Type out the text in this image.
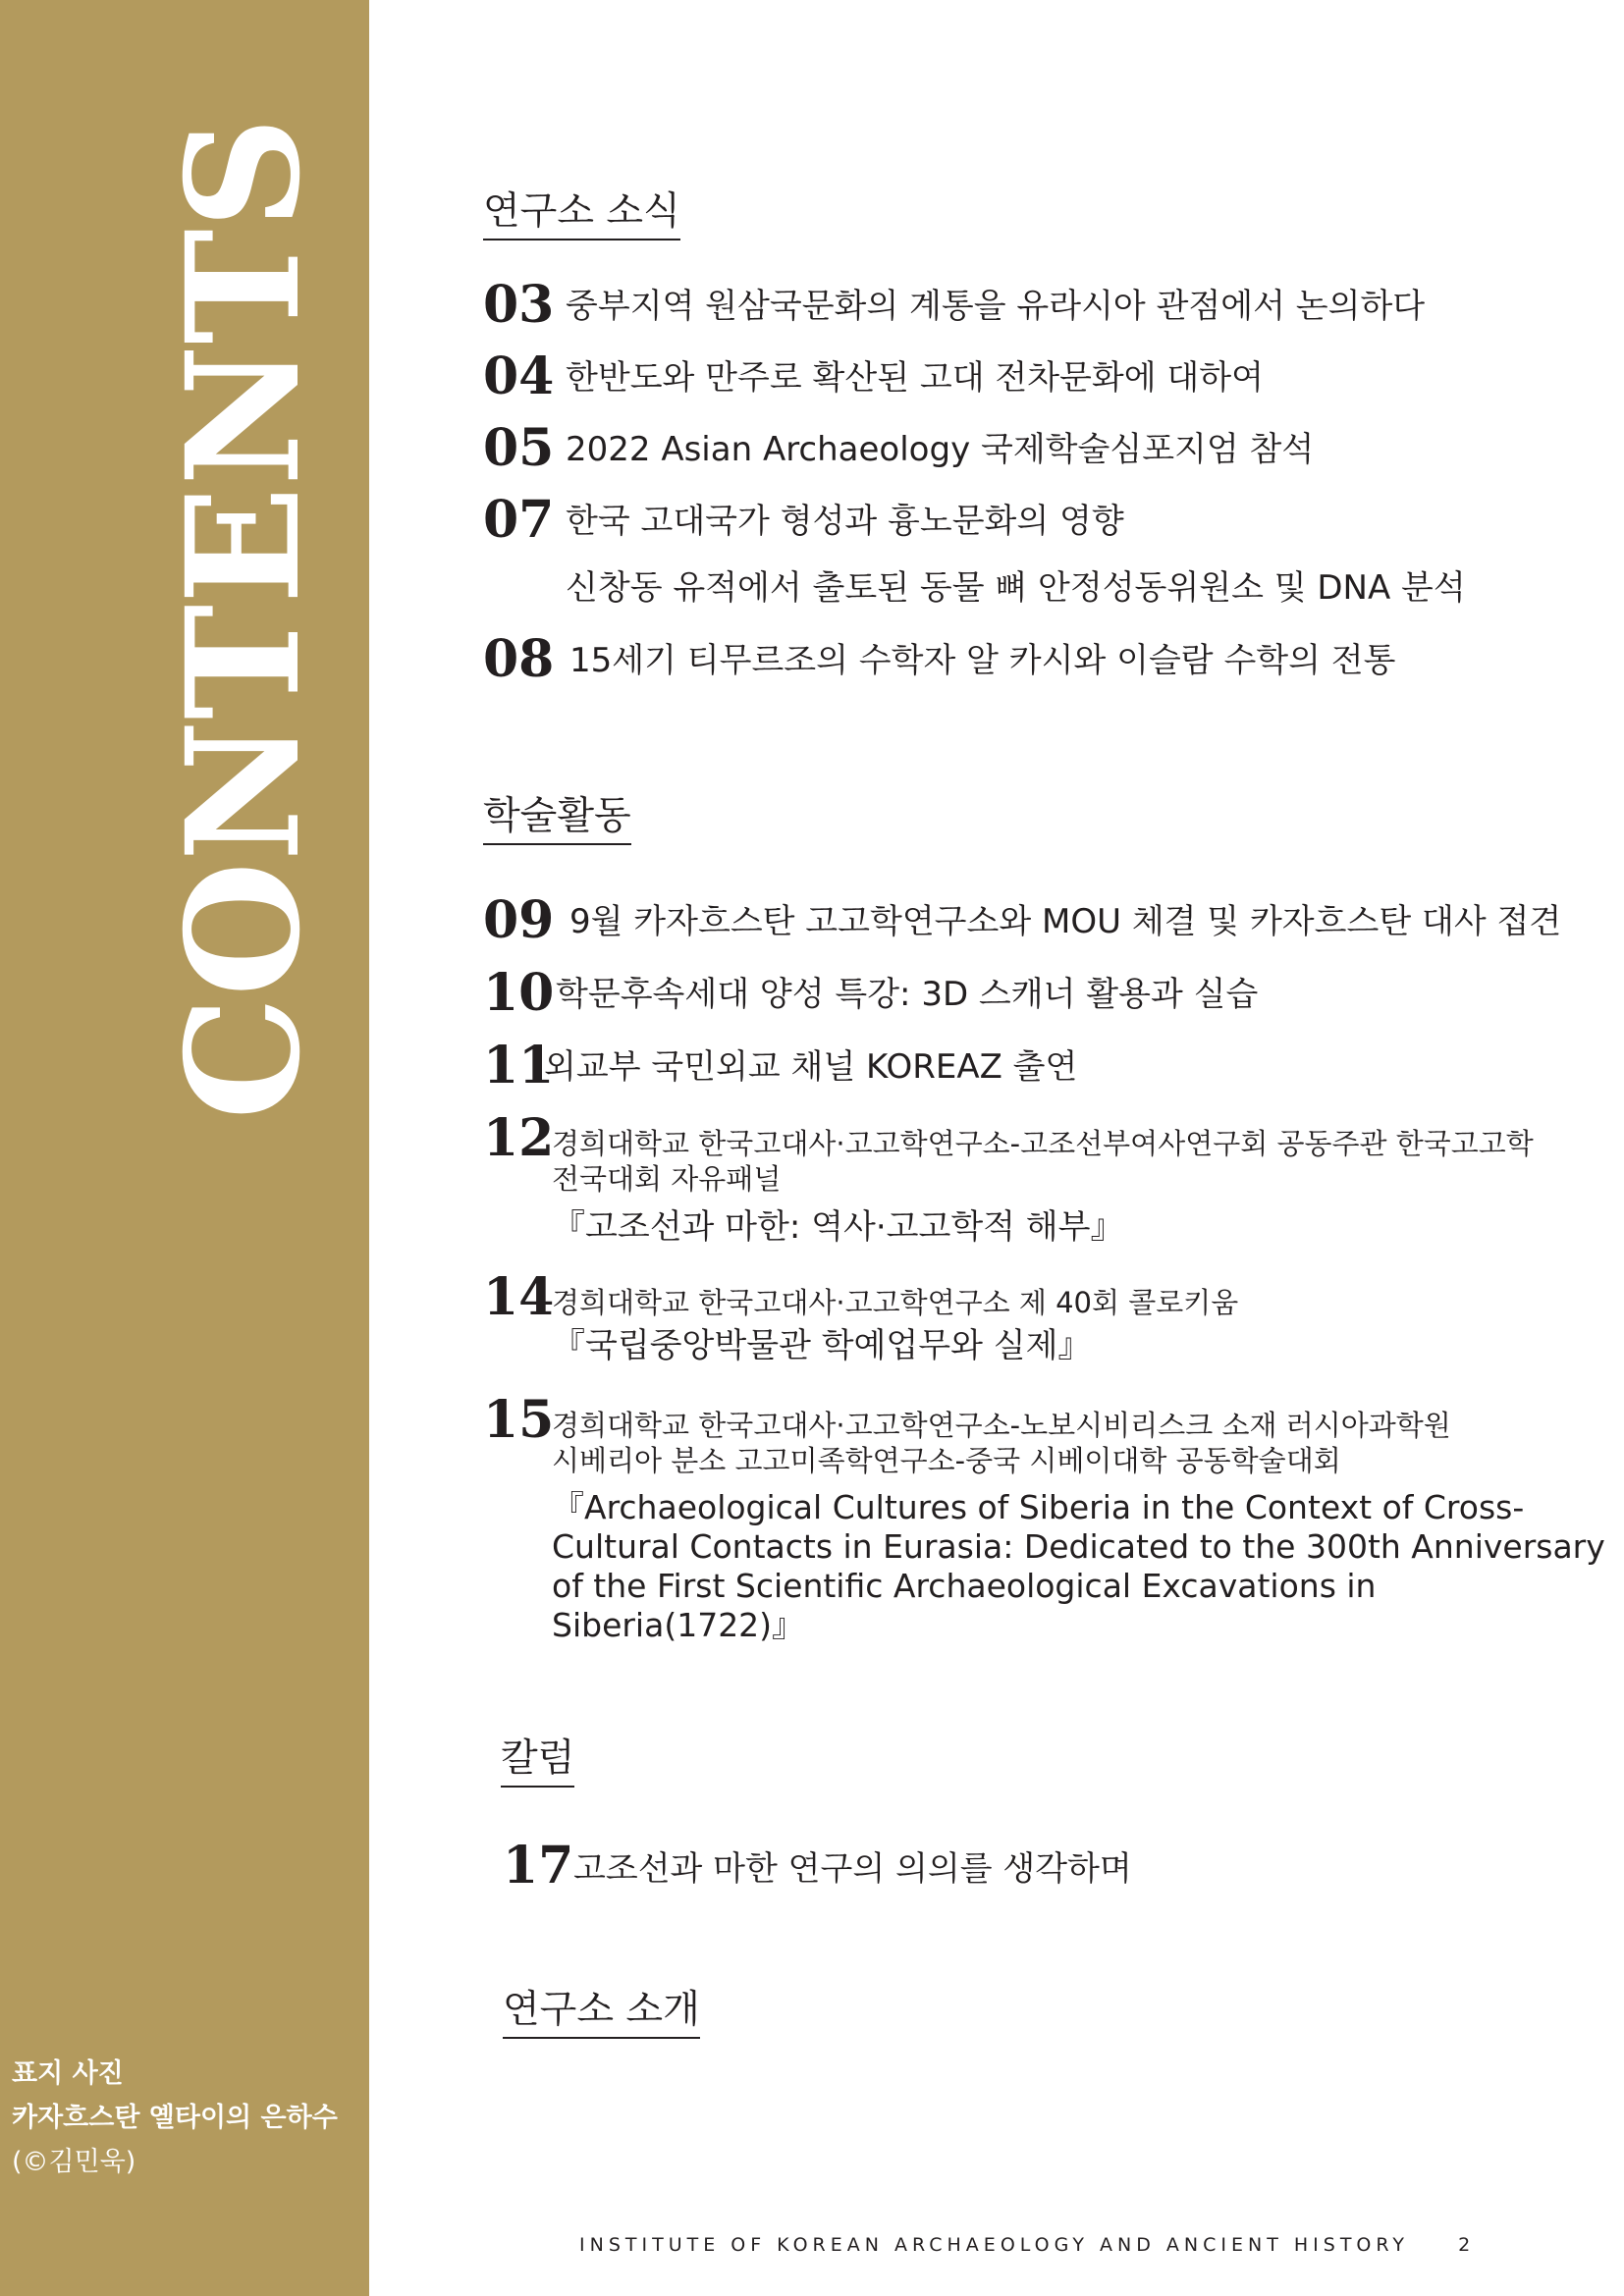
CONTENTS
표지 사진
카자흐스탄 옐타이의 은하수
(©김민욱)
연구소 소식
03 중부지역 원삼국문화의 계통을 유라시아 관점에서 논의하다
04 한반도와 만주로 확산된 고대 전차문화에 대하여
05 2022 Asian Archaeology 국제학술심포지엄 참석
07 한국 고대국가 형성과 흉노문화의 영향
신창동 유적에서 출토된 동물 뼈 안정성동위원소 및 DNA 분석
08 15세기 티무르조의 수학자 알 카시와 이슬람 수학의 전통
학술활동
09 9월 카자흐스탄 고고학연구소와 MOU 체결 및 카자흐스탄 대사 접견
10 학문후속세대 양성 특강: 3D 스캐너 활용과 실습
11
외교부 국민외교 채널 KOREAZ 출연
12
경희대학교 한국고대사·고고학연구소-고조선부여사연구회 공동주관 한국고고학
전국대회 자유패널
『고조선과 마한: 역사·고고학적 해부』
14
경희대학교 한국고대사·고고학연구소 제 40회 콜로키움
『국립중앙박물관 학예업무와 실제』
15
경희대학교 한국고대사·고고학연구소-노보시비리스크 소재 러시아과학원
시베리아 분소 고고미족학연구소-중국 시베이대학 공동학술대회
『Archaeological Cultures of Siberia in the Context of Cross-Cultural Contacts in Eurasia: Dedicated to the 300th Anniversary of the First Scientific Archaeological Excavations in Siberia(1722)』
칼럼
17 고조선과 마한 연구의 의의를 생각하며
연구소 소개
INSTITUTE OF KOREAN ARCHAEOLOGY AND ANCIENT HISTORY	2
